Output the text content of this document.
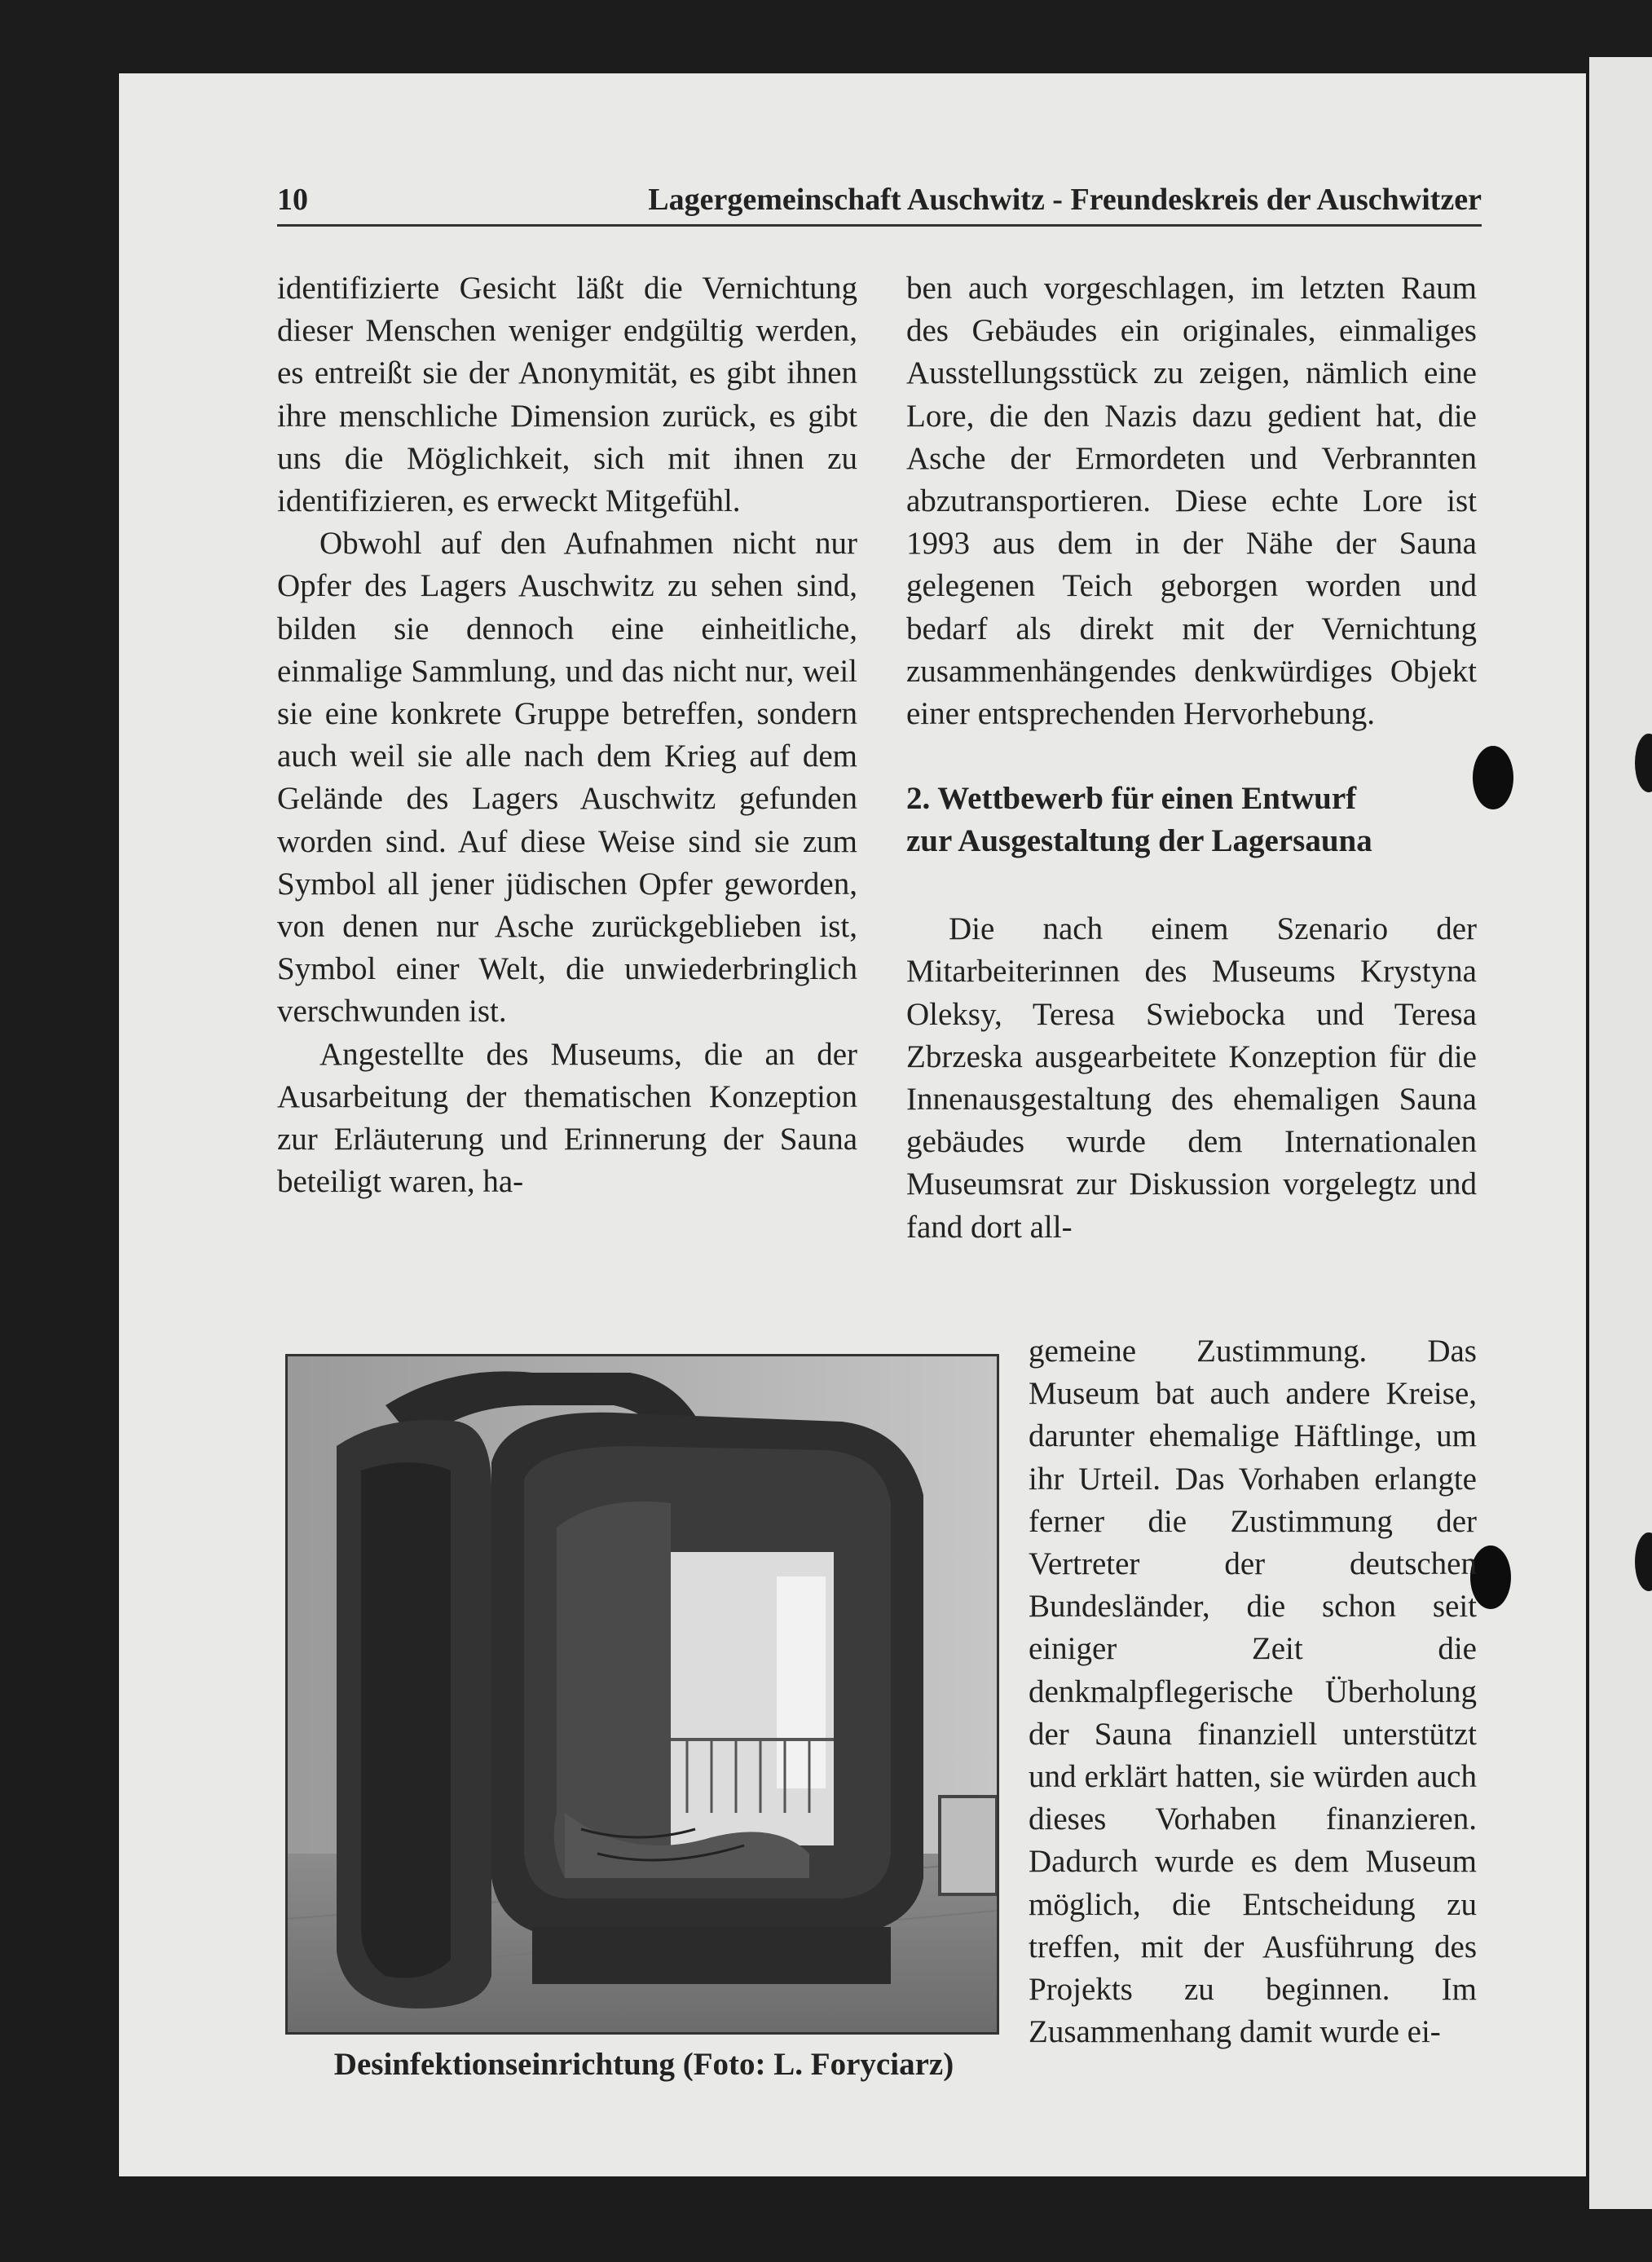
10	Lagergemeinschaft Auschwitz - Freundeskreis der Auschwitzer

identifizierte Gesicht läßt die Vernichtung dieser Menschen weniger endgültig werden, es entreißt sie der Anonymität, es gibt ihnen ihre menschliche Dimension zurück, es gibt uns die Möglichkeit, sich mit ihnen zu identifizieren, es erweckt Mitgefühl.

Obwohl auf den Aufnahmen nicht nur Opfer des Lagers Auschwitz zu sehen sind, bilden sie dennoch eine einheitliche, einmalige Sammlung, und das nicht nur, weil sie eine konkrete Gruppe betreffen, sondern auch weil sie alle nach dem Krieg auf dem Gelände des Lagers Auschwitz gefunden worden sind. Auf diese Weise sind sie zum Symbol all jener jüdischen Opfer geworden, von denen nur Asche zurückgeblieben ist, Symbol einer Welt, die unwiederbringlich verschwunden ist.

Angestellte des Museums, die an der Ausarbeitung der thematischen Konzeption zur Erläuterung und Erinnerung der Sauna beteiligt waren, ha-

ben auch vorgeschlagen, im letzten Raum des Gebäudes ein originales, einmaliges Ausstellungsstück zu zeigen, nämlich eine Lore, die den Nazis dazu gedient hat, die Asche der Ermordeten und Verbrannten abzutransportieren. Diese echte Lore ist 1993 aus dem in der Nähe der Sauna gelegenen Teich geborgen worden und bedarf als direkt mit der Vernichtung zusammenhängendes denkwürdiges Objekt einer entsprechenden Hervorhebung.

2. Wettbewerb für einen Entwurf

zur Ausgestaltung der Lagersauna

Die nach einem Szenario der Mitarbeiterinnen des Museums Krystyna Oleksy, Teresa Swiebocka und Teresa Zbrzeska ausgearbeitete Konzeption für die Innenausgestaltung des ehemaligen Sauna gebäudes wurde dem Internationalen Museumsrat zur Diskussion vorgelegtz und fand dort all-

gemeine Zustimmung. Das Museum bat auch andere Kreise, darunter ehemalige Häftlinge, um ihr Urteil. Das Vorhaben erlangte ferner die Zustimmung der Vertreter der deutschen Bundesländer, die schon seit einiger Zeit die denkmalpflegerische Überholung der Sauna finanziell unterstützt und erklärt hatten, sie würden auch dieses Vorhaben finanzieren. Dadurch wurde es dem Museum möglich, die Entscheidung zu treffen, mit der Ausführung des Projekts zu beginnen. Im Zusammenhang damit wurde ei-

Desinfektionseinrichtung (Foto: L. Foryciarz)
